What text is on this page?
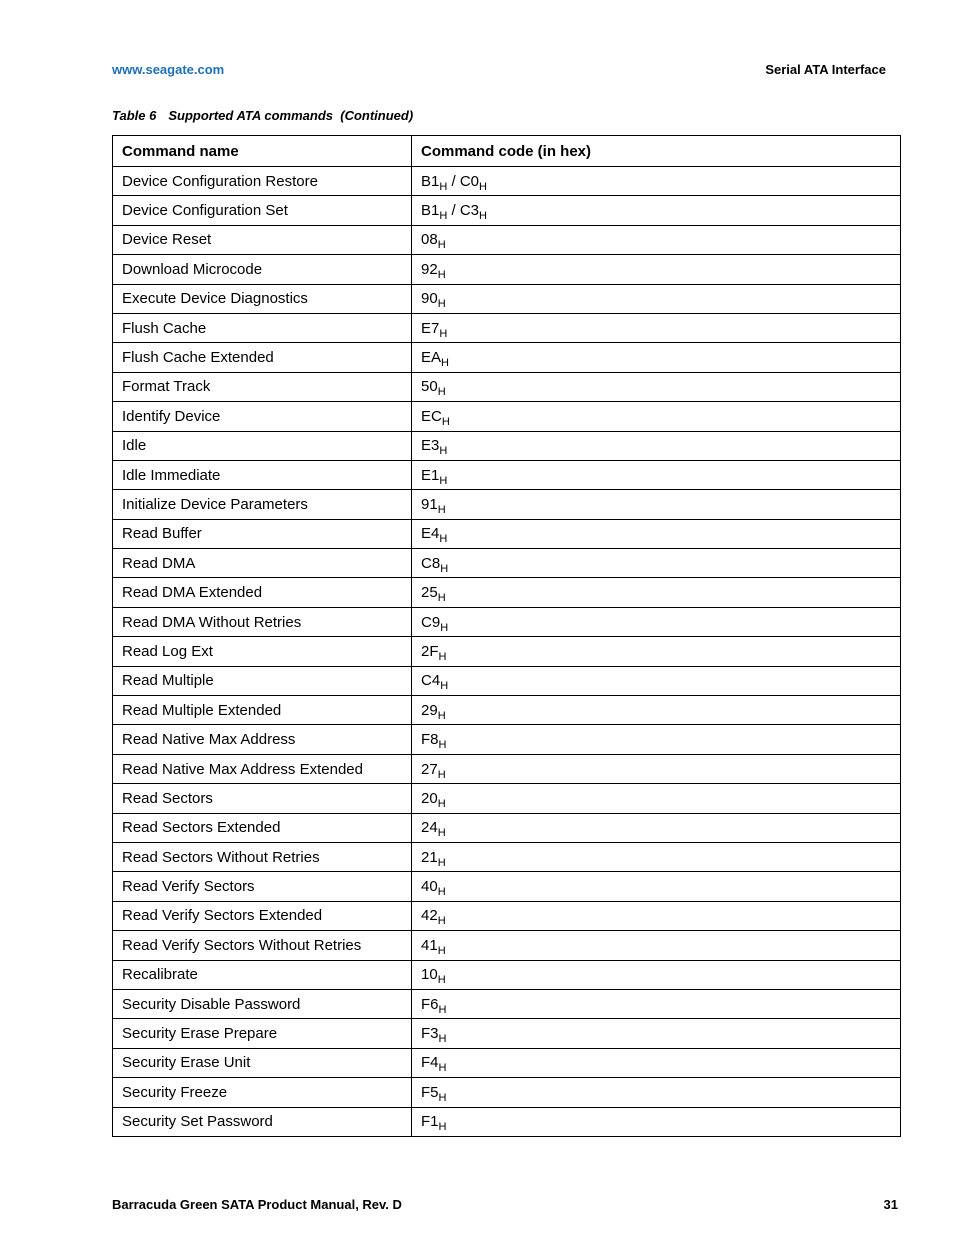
www.seagate.com	Serial ATA Interface
Table 6 Supported ATA commands (Continued)
Command name	Command code (in hex)
Device Configuration Restore	$B1_H / C0_H$
Device Configuration Set	$B1_H / C3_H$
Device Reset	$08_H$
Download Microcode	$92_H$
Execute Device Diagnostics	$90_H$
Flush Cache	$E7_H$
Flush Cache Extended	$EA_H$
Format Track	$50_H$
Identify Device	$EC_H$
Idle	$E3_H$
Idle Immediate	$E1_H$
Initialize Device Parameters	$91_H$
Read Buffer	$E4_H$
Read DMA	$C8_H$
Read DMA Extended	$25_H$
Read DMA Without Retries	$C9_H$
Read Log Ext	$2F_H$
Read Multiple	$C4_H$
Read Multiple Extended	$29_H$
Read Native Max Address	$F8_H$
Read Native Max Address Extended	$27_H$
Read Sectors	$20_H$
Read Sectors Extended	$24_H$
Read Sectors Without Retries	$21_H$
Read Verify Sectors	$40_H$
Read Verify Sectors Extended	$42_H$
Read Verify Sectors Without Retries	$41_H$
Recalibrate	$10_H$
Security Disable Password	$F6_H$
Security Erase Prepare	$F3_H$
Security Erase Unit	$F4_H$
Security Freeze	$F5_H$
Security Set Password	$F1_H$
Barracuda Green SATA Product Manual, Rev. D	31
